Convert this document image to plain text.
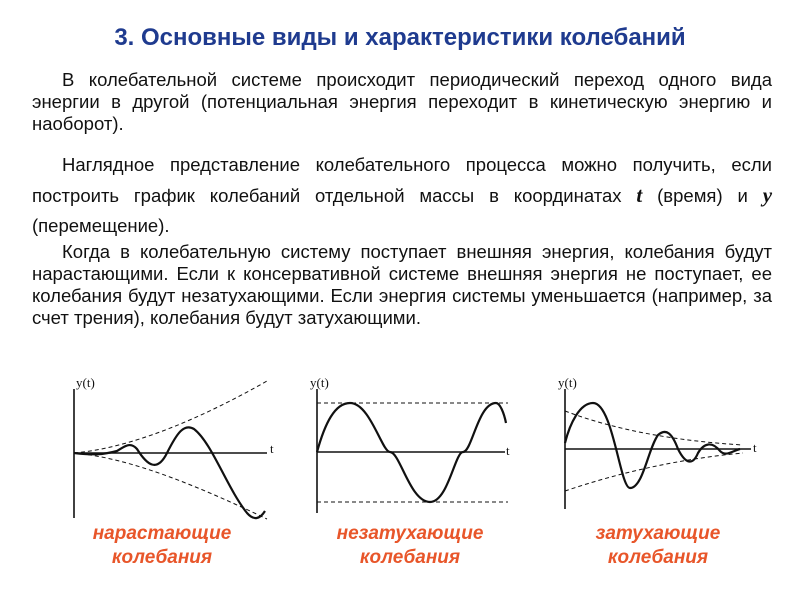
3. Основные виды и характеристики колебаний

В колебательной системе происходит периодический переход одного вида энергии в другой (потенциальная энергия переходит в кинетическую энергию и наоборот).

Наглядное представление колебательного процесса можно получить, если построить график колебаний отдельной массы в координатах t (время) и y (перемещение).

Когда в колебательную систему поступает внешняя энергия, колебания будут нарастающими. Если к консервативной системе внешняя энергия не поступает, ее колебания будут незатухающими. Если энергия системы уменьшается (например, за счет трения), колебания будут затухающими.

y(t)
t
y(t)
t
y(t)
t
нарастающие
колебания
незатухающие
колебания
затухающие
колебания
